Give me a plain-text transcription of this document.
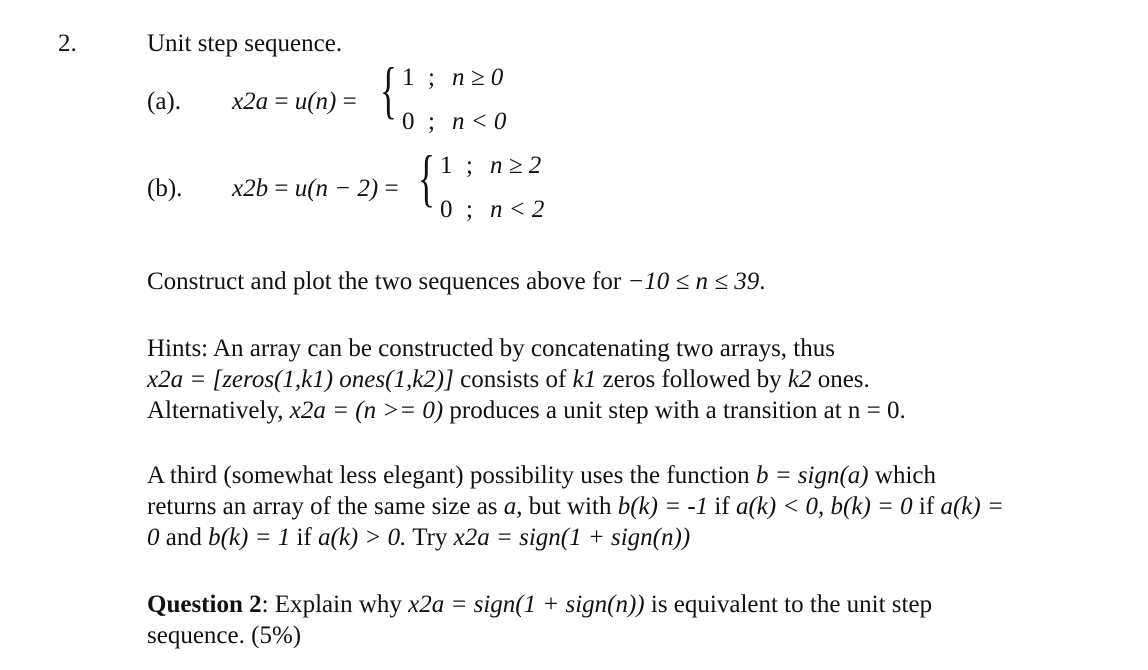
2.	Unit step sequence.
(a). x2a = u(n) = { 1 ; n ≥ 0
0 ; n < 0
(b). x2b = u(n − 2) = { 1 ; n ≥ 2
0 ; n < 2
Construct and plot the two sequences above for −10 ≤ n ≤ 39.
Hints: An array can be constructed by concatenating two arrays, thus
x2a = [zeros(1,k1) ones(1,k2)] consists of k1 zeros followed by k2 ones.
Alternatively, x2a = (n >= 0) produces a unit step with a transition at n = 0.
A third (somewhat less elegant) possibility uses the function b = sign(a) which
returns an array of the same size as a, but with b(k) = -1 if a(k) < 0, b(k) = 0 if a(k) =
0 and b(k) = 1 if a(k) > 0. Try x2a = sign(1 + sign(n))
Question 2: Explain why x2a = sign(1 + sign(n)) is equivalent to the unit step
sequence. (5%)
